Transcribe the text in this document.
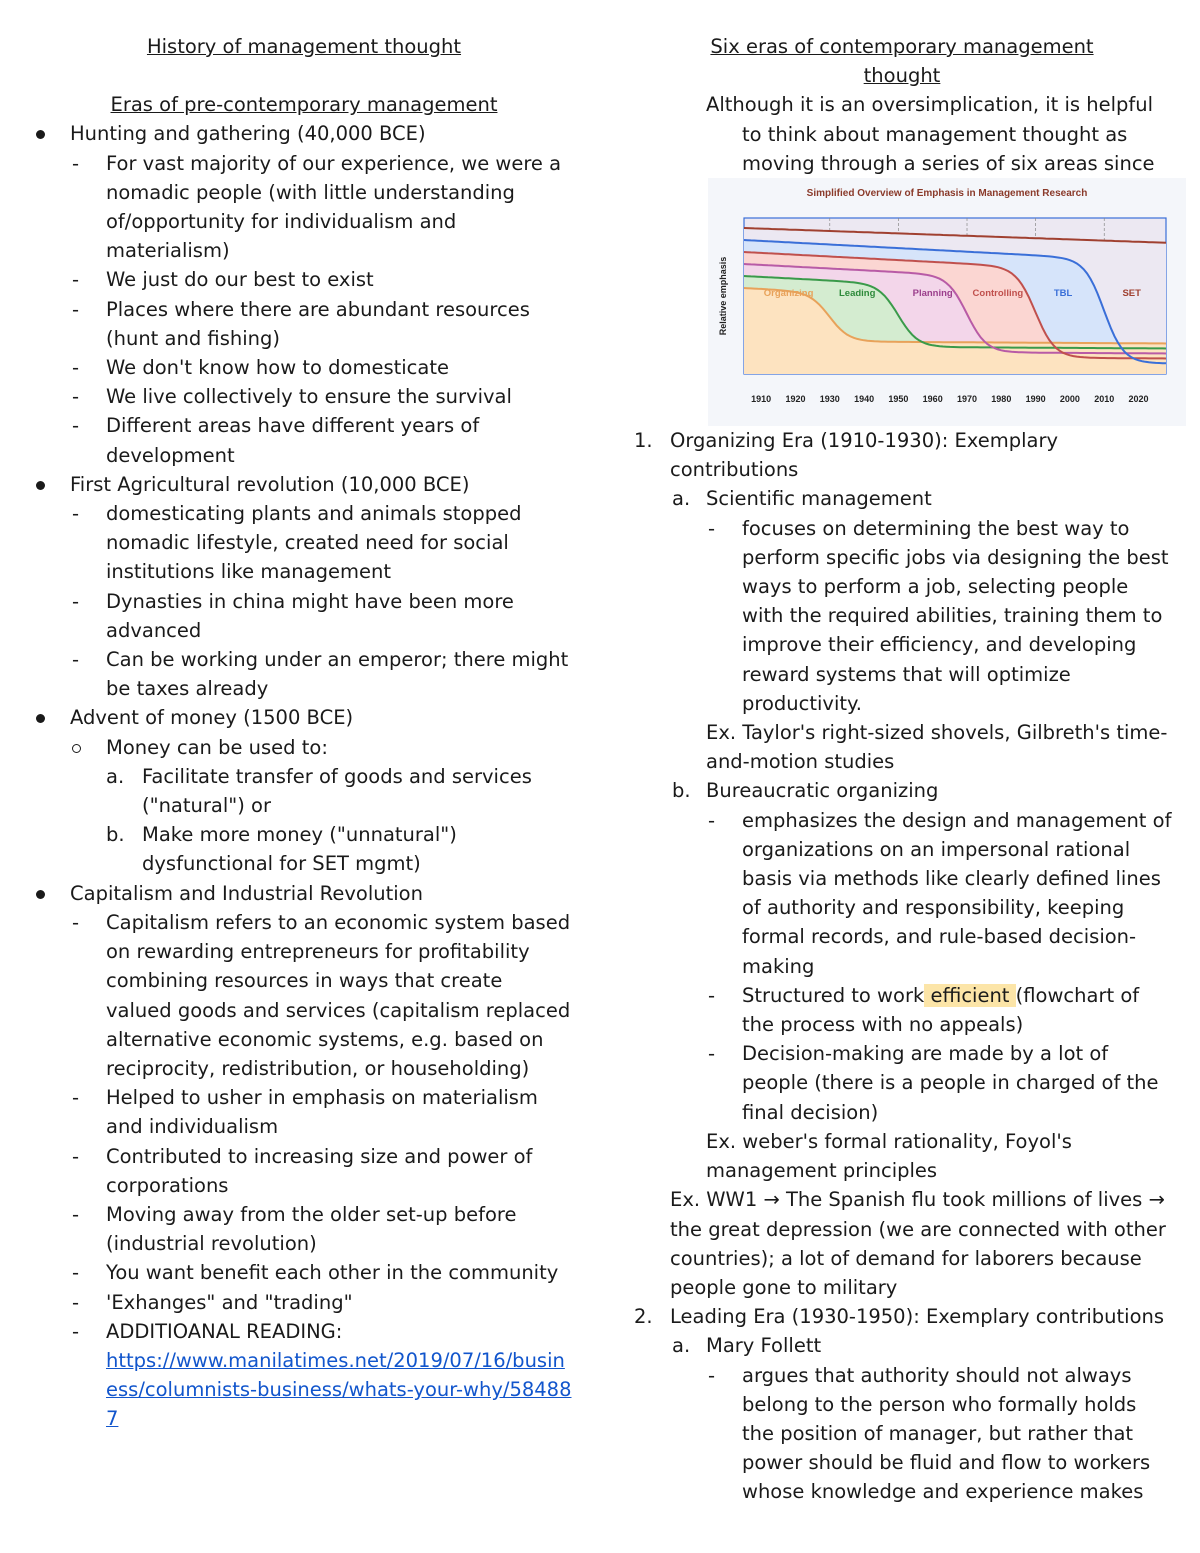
History of management thought
Eras of pre-contemporary management
Hunting and gathering (40,000 BCE)
- For vast majority of our experience, we were a nomadic people (with little understanding of/opportunity for individualism and materialism)
- We just do our best to exist
- Places where there are abundant resources (hunt and fishing)
- We don't know how to domesticate
- We live collectively to ensure the survival
- Different areas have different years of development
First Agricultural revolution (10,000 BCE)
- domesticating plants and animals stopped nomadic lifestyle, created need for social institutions like management
- Dynasties in china might have been more advanced
- Can be working under an emperor; there might be taxes already
Advent of money (1500 BCE)
Money can be used to:
a. Facilitate transfer of goods and services ("natural") or
b. Make more money ("unnatural") dysfunctional for SET mgmt)
Capitalism and Industrial Revolution
- Capitalism refers to an economic system based on rewarding entrepreneurs for profitability combining resources in ways that create valued goods and services (capitalism replaced alternative economic systems, e.g. based on reciprocity, redistribution, or householding)
- Helped to usher in emphasis on materialism and individualism
- Contributed to increasing size and power of corporations
- Moving away from the older set-up before (industrial revolution)
- You want benefit each other in the community
- 'Exhanges" and "trading"
- ADDITIOANAL READING:
https://www.manilatimes.net/2019/07/16/business/columnists-business/whats-your-why/584887
Six eras of contemporary management
thought
Although it is an oversimplication, it is helpful to think about management thought as moving through a series of six areas since
Simplified Overview of Emphasis in Management Research
Organizing	Leading	Planning Controlling	TBL	SET
Relative emphasis
1910 1920 1930 1940 1950 1960 1970 1980 1990 2000 2010 2020
1. Organizing Era (1910-1930): Exemplary contributions
a. Scientific management
- focuses on determining the best way to perform specific jobs via designing the best ways to perform a job, selecting people with the required abilities, training them to improve their efficiency, and developing reward systems that will optimize productivity.
Ex. Taylor's right-sized shovels, Gilbreth's time-and-motion studies
b. Bureaucratic organizing
- emphasizes the design and management of organizations on an impersonal rational basis via methods like clearly defined lines of authority and responsibility, keeping formal records, and rule-based decision-making
- Structured to work efficient (flowchart of the process with no appeals)
- Decision-making are made by a lot of people (there is a people in charged of the final decision)
Ex. weber's formal rationality, Foyol's management principles
Ex. WW1 → The Spanish flu took millions of lives → the great depression (we are connected with other countries); a lot of demand for laborers because people gone to military
2. Leading Era (1930-1950): Exemplary contributions
a. Mary Follett
- argues that authority should not always belong to the person who formally holds the position of manager, but rather that power should be fluid and flow to workers whose knowledge and experience makes
